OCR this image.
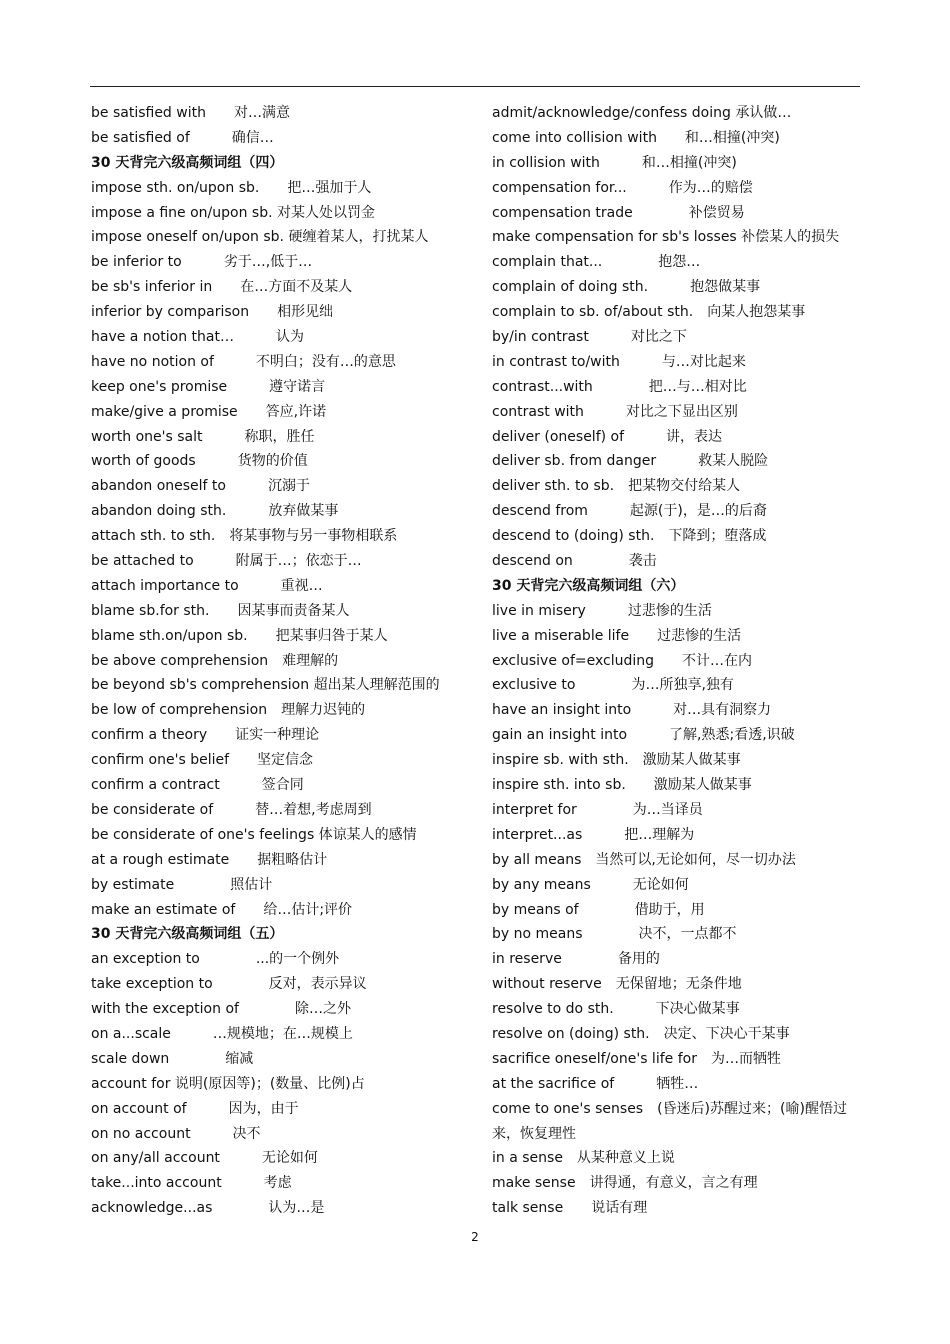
be satisfied with　　对…满意
be satisfied of　　　确信…
30 天背完六级高频词组（四）
impose sth. on/upon sb.　　把…强加于人
impose a fine on/upon sb. 对某人处以罚金
impose oneself on/upon sb. 硬缠着某人，打扰某人
be inferior to　　　劣于…,低于…
be sb's inferior in　　在…方面不及某人
inferior by comparison　　相形见绌
have a notion that…　　　认为
have no notion of　　　不明白；没有…的意思
keep one's promise　　　遵守诺言
make/give a promise　　答应,许诺
worth one's salt　　　称职，胜任
worth of goods　　　货物的价值
abandon oneself to　　　沉溺于
abandon doing sth.　　　放弃做某事
attach sth. to sth.　将某事物与另一事物相联系
be attached to　　　附属于…；依恋于…
attach importance to　　　重视…
blame sb.for sth.　　因某事而责备某人
blame sth.on/upon sb.　　把某事归咎于某人
be above comprehension　难理解的
be beyond sb's comprehension 超出某人理解范围的
be low of comprehension　理解力迟钝的
confirm a theory　　证实一种理论
confirm one's belief　　坚定信念
confirm a contract　　　签合同
be considerate of　　　替…着想,考虑周到
be considerate of one's feelings 体谅某人的感情
at a rough estimate　　据粗略估计
by estimate　　　　照估计
make an estimate of　　给…估计;评价
30 天背完六级高频词组（五）
an exception to　　　　...的一个例外
take exception to　　　　反对，表示异议
with the exception of　　　　除…之外
on a...scale　　　…规模地；在…规模上
scale down　　　　缩减
account for 说明(原因等)；(数量、比例)占
on account of　　　因为，由于
on no account　　　决不
on any/all account　　　无论如何
take...into account　　　考虑
acknowledge...as　　　　认为…是
admit/acknowledge/confess doing 承认做…
come into collision with　　和…相撞(冲突)
in collision with　　　和…相撞(冲突)
compensation for...　　　作为…的赔偿
compensation trade　　　　补偿贸易
make compensation for sb's losses 补偿某人的损失
complain that...　　　　抱怨…
complain of doing sth.　　　抱怨做某事
complain to sb. of/about sth.　向某人抱怨某事
by/in contrast　　　对比之下
in contrast to/with　　　与…对比起来
contrast...with　　　　把…与…相对比
contrast with　　　对比之下显出区别
deliver (oneself) of　　　讲，表达
deliver sb. from danger　　　救某人脱险
deliver sth. to sb.　把某物交付给某人
descend from　　　起源(于)，是…的后裔
descend to (doing) sth.　下降到；堕落成
descend on　　　　袭击
30 天背完六级高频词组（六）
live in misery　　　过悲惨的生活
live a miserable life　　过悲惨的生活
exclusive of=excluding　　不计…在内
exclusive to　　　　为…所独享,独有
have an insight into　　　对…具有洞察力
gain an insight into　　　了解,熟悉;看透,识破
inspire sb. with sth.　激励某人做某事
inspire sth. into sb.　　激励某人做某事
interpret for　　　　为…当译员
interpret...as　　　把…理解为
by all means　当然可以,无论如何，尽一切办法
by any means　　　无论如何
by means of　　　　借助于，用
by no means　　　　决不，一点都不
in reserve　　　　备用的
without reserve　无保留地；无条件地
resolve to do sth.　　　下决心做某事
resolve on (doing) sth.　决定、下决心干某事
sacrifice oneself/one's life for　为…而牺牲
at the sacrifice of　　　牺牲…
come to one's senses　(昏迷后)苏醒过来；(喻)醒悟过来，恢复理性
in a sense　从某种意义上说
make sense　讲得通，有意义，言之有理
talk sense　　说话有理
2
